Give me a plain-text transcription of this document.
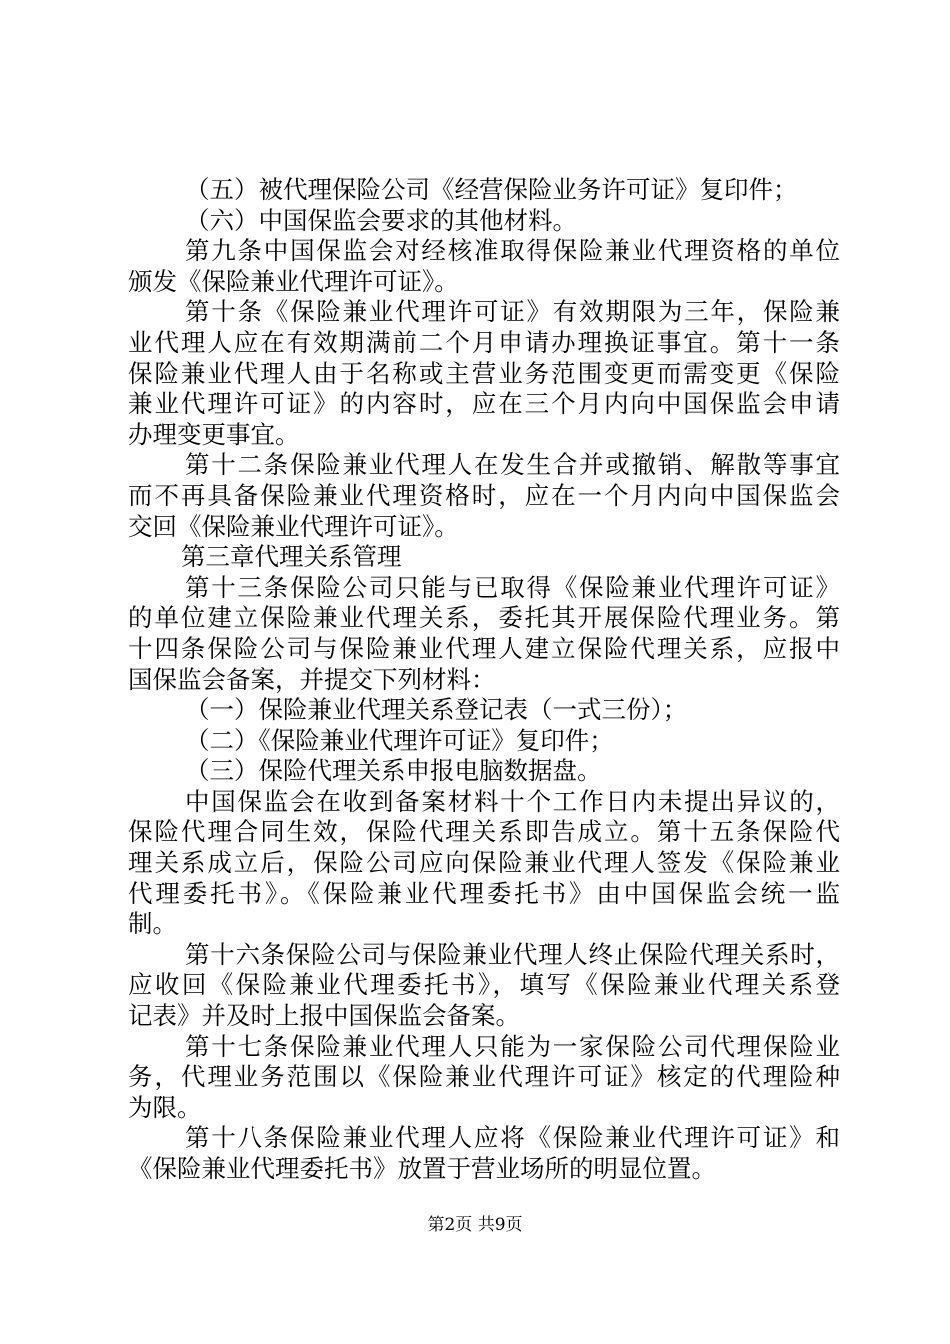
（五）被代理保险公司《经营保险业务许可证》复印件；
（六）中国保监会要求的其他材料。
第九条中国保监会对经核准取得保险兼业代理资格的单位
颁发《保险兼业代理许可证》。
第十条《保险兼业代理许可证》有效期限为三年，保险兼
业代理人应在有效期满前二个月申请办理换证事宜。第十一条
保险兼业代理人由于名称或主营业务范围变更而需变更《保险
兼业代理许可证》的内容时，应在三个月内向中国保监会申请
办理变更事宜。
第十二条保险兼业代理人在发生合并或撤销、解散等事宜
而不再具备保险兼业代理资格时，应在一个月内向中国保监会
交回《保险兼业代理许可证》。
第三章代理关系管理
第十三条保险公司只能与已取得《保险兼业代理许可证》
的单位建立保险兼业代理关系，委托其开展保险代理业务。第
十四条保险公司与保险兼业代理人建立保险代理关系，应报中
国保监会备案，并提交下列材料：
（一）保险兼业代理关系登记表（一式三份）；
（二）《保险兼业代理许可证》复印件；
（三）保险代理关系申报电脑数据盘。
中国保监会在收到备案材料十个工作日内未提出异议的，
保险代理合同生效，保险代理关系即告成立。第十五条保险代
理关系成立后，保险公司应向保险兼业代理人签发《保险兼业
代理委托书》。《保险兼业代理委托书》由中国保监会统一监
制。
第十六条保险公司与保险兼业代理人终止保险代理关系时，
应收回《保险兼业代理委托书》，填写《保险兼业代理关系登
记表》并及时上报中国保监会备案。
第十七条保险兼业代理人只能为一家保险公司代理保险业
务，代理业务范围以《保险兼业代理许可证》核定的代理险种
为限。
第十八条保险兼业代理人应将《保险兼业代理许可证》和
《保险兼业代理委托书》放置于营业场所的明显位置。
第2页 共9页
